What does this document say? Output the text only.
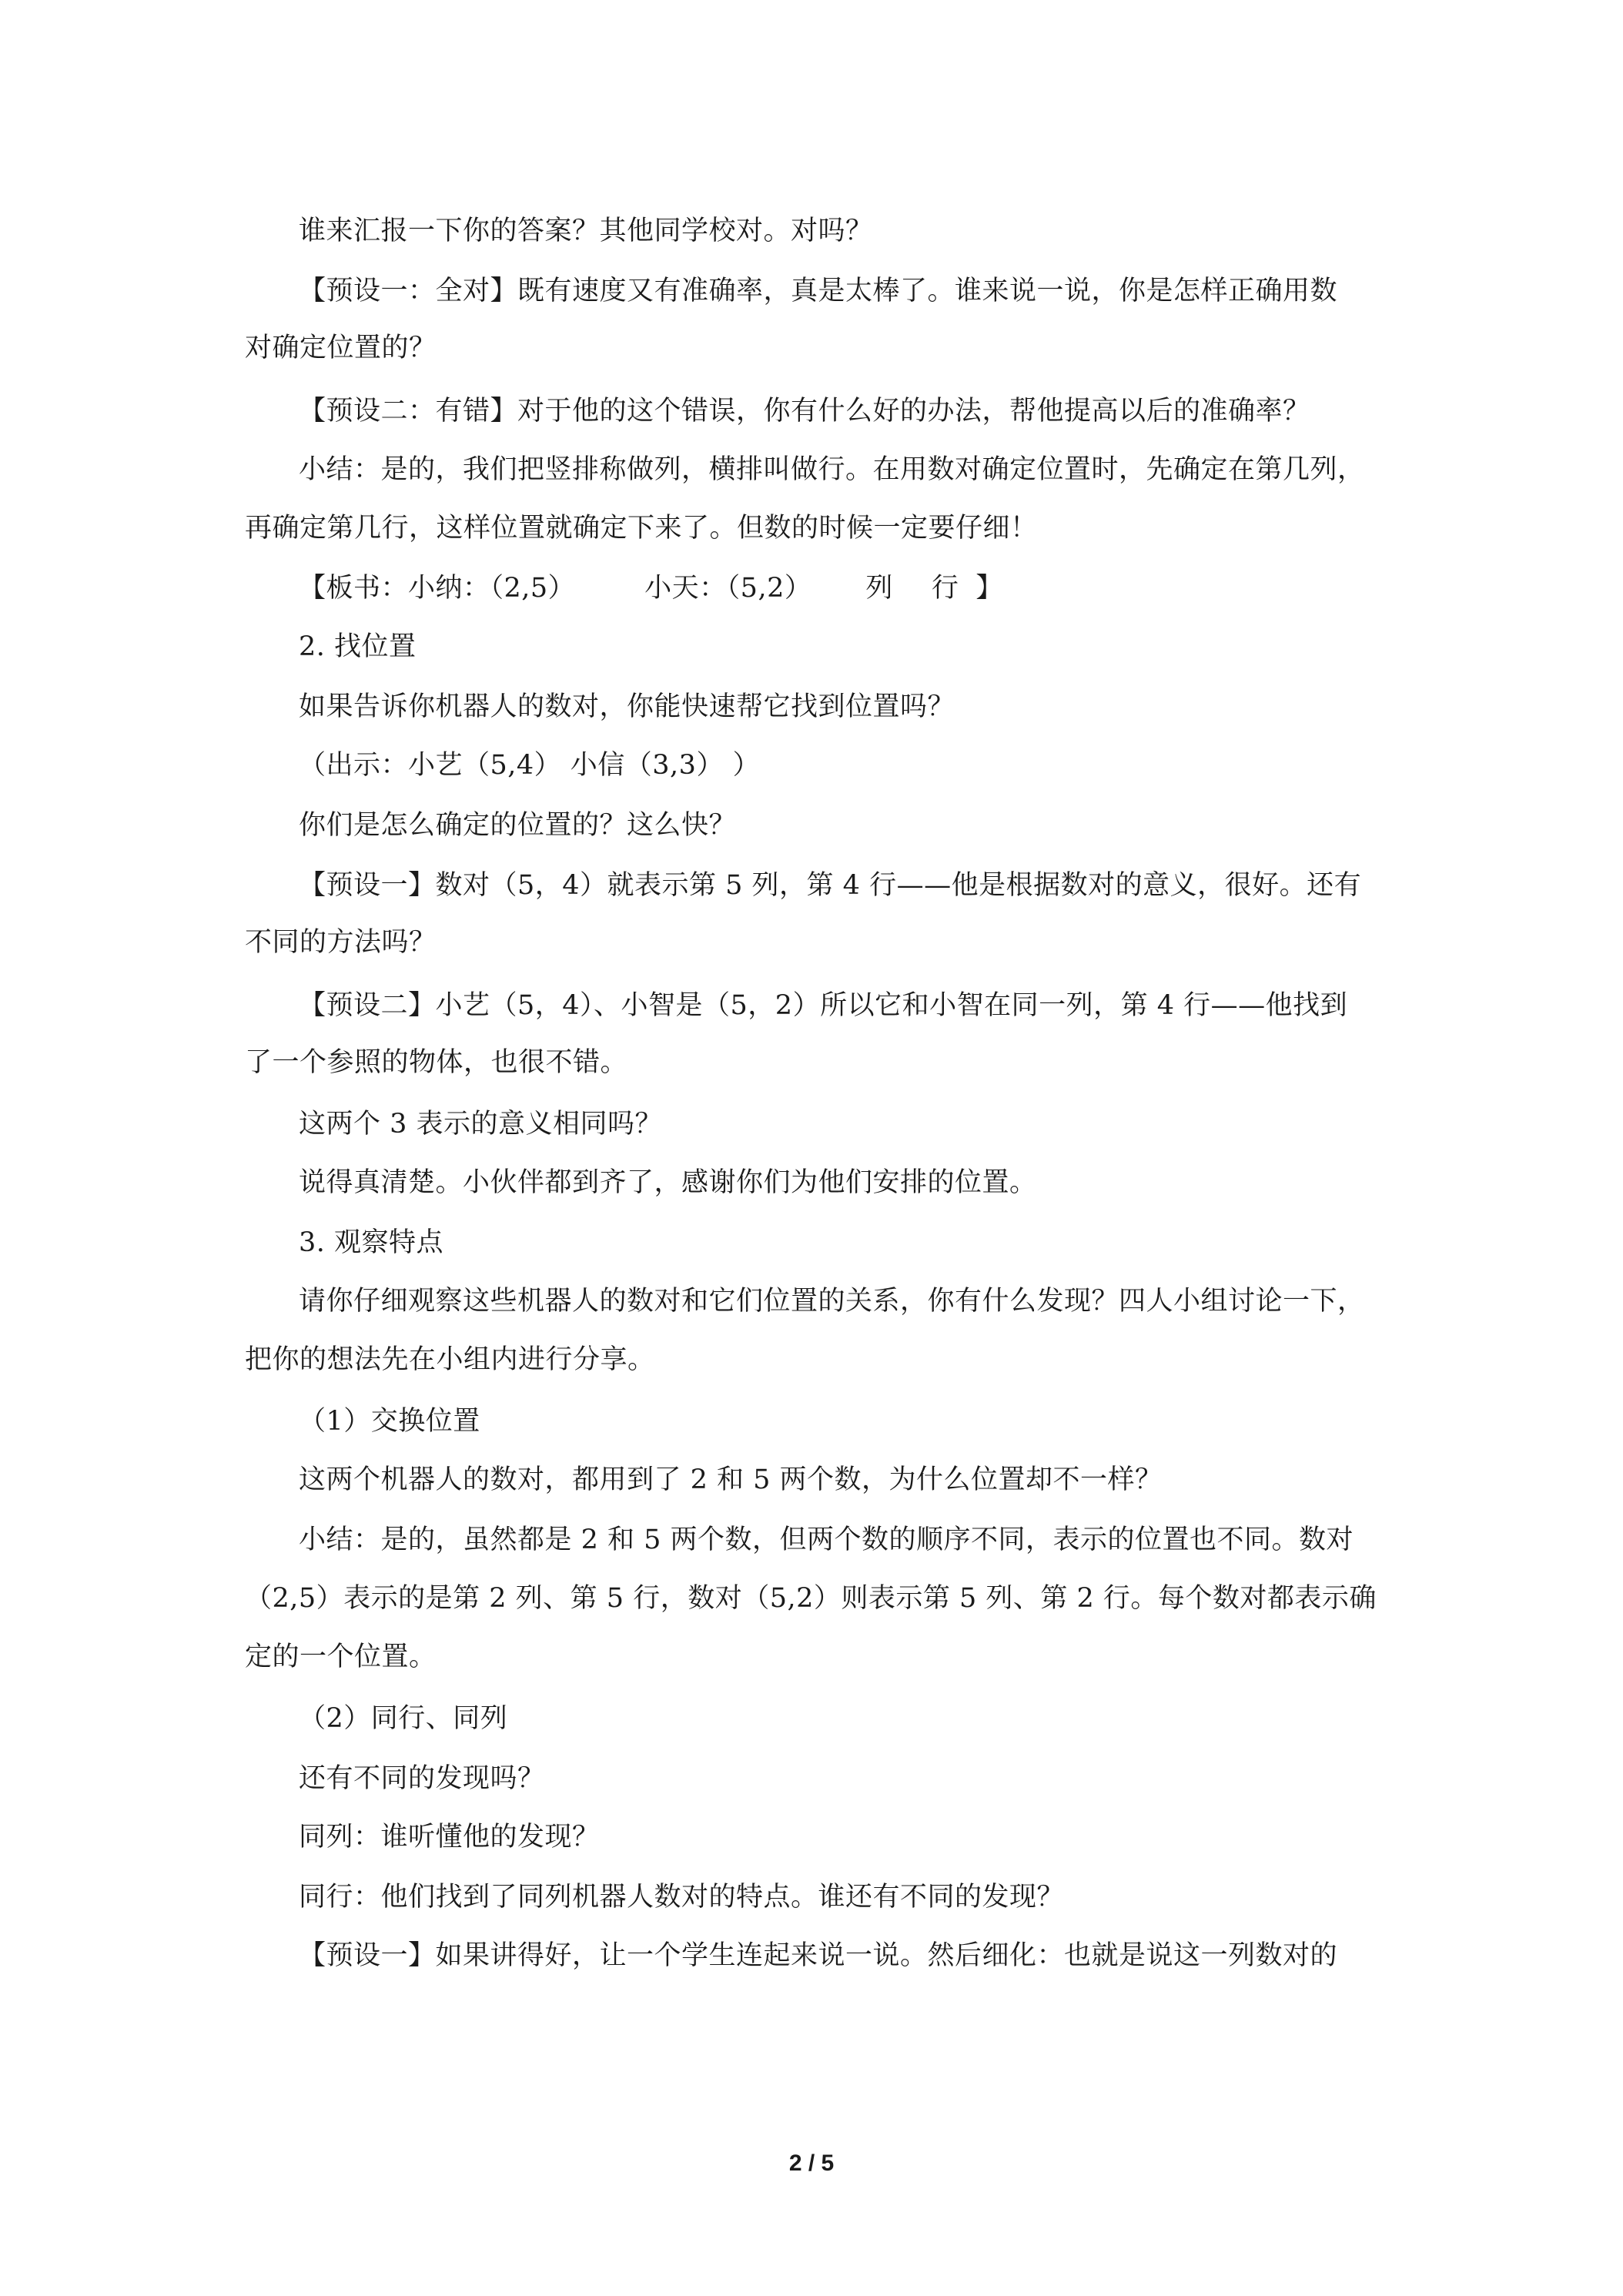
谁来汇报一下你的答案？其他同学校对。对吗？
【预设一：全对】既有速度又有准确率，真是太棒了。谁来说一说，你是怎样正确用数
对确定位置的？
【预设二：有错】对于他的这个错误，你有什么好的办法，帮他提高以后的准确率？
小结：是的，我们把竖排称做列，横排叫做行。在用数对确定位置时，先确定在第几列，
再确定第几行，这样位置就确定下来了。但数的时候一定要仔细！
【板书：小纳：（2,5）	小天：（5,2） 列 行 】
2. 找位置
如果告诉你机器人的数对，你能快速帮它找到位置吗？
（出示：小艺（5,4） 小信（3,3） ）
你们是怎么确定的位置的？这么快？
【预设一】数对（5，4）就表示第 5 列，第 4 行——他是根据数对的意义，很好。还有
不同的方法吗？
【预设二】小艺（5，4）、小智是（5，2）所以它和小智在同一列，第 4 行——他找到
了一个参照的物体，也很不错。
这两个 3 表示的意义相同吗？
说得真清楚。小伙伴都到齐了，感谢你们为他们安排的位置。
3. 观察特点
请你仔细观察这些机器人的数对和它们位置的关系，你有什么发现？四人小组讨论一下，
把你的想法先在小组内进行分享。
（1）交换位置
这两个机器人的数对，都用到了 2 和 5 两个数，为什么位置却不一样？
小结：是的，虽然都是 2 和 5 两个数，但两个数的顺序不同，表示的位置也不同。数对
（2,5）表示的是第 2 列、第 5 行，数对（5,2）则表示第 5 列、第 2 行。每个数对都表示确
定的一个位置。
（2）同行、同列
还有不同的发现吗？
同列：谁听懂他的发现？
同行：他们找到了同列机器人数对的特点。谁还有不同的发现？
【预设一】如果讲得好，让一个学生连起来说一说。然后细化：也就是说这一列数对的
2 / 5
